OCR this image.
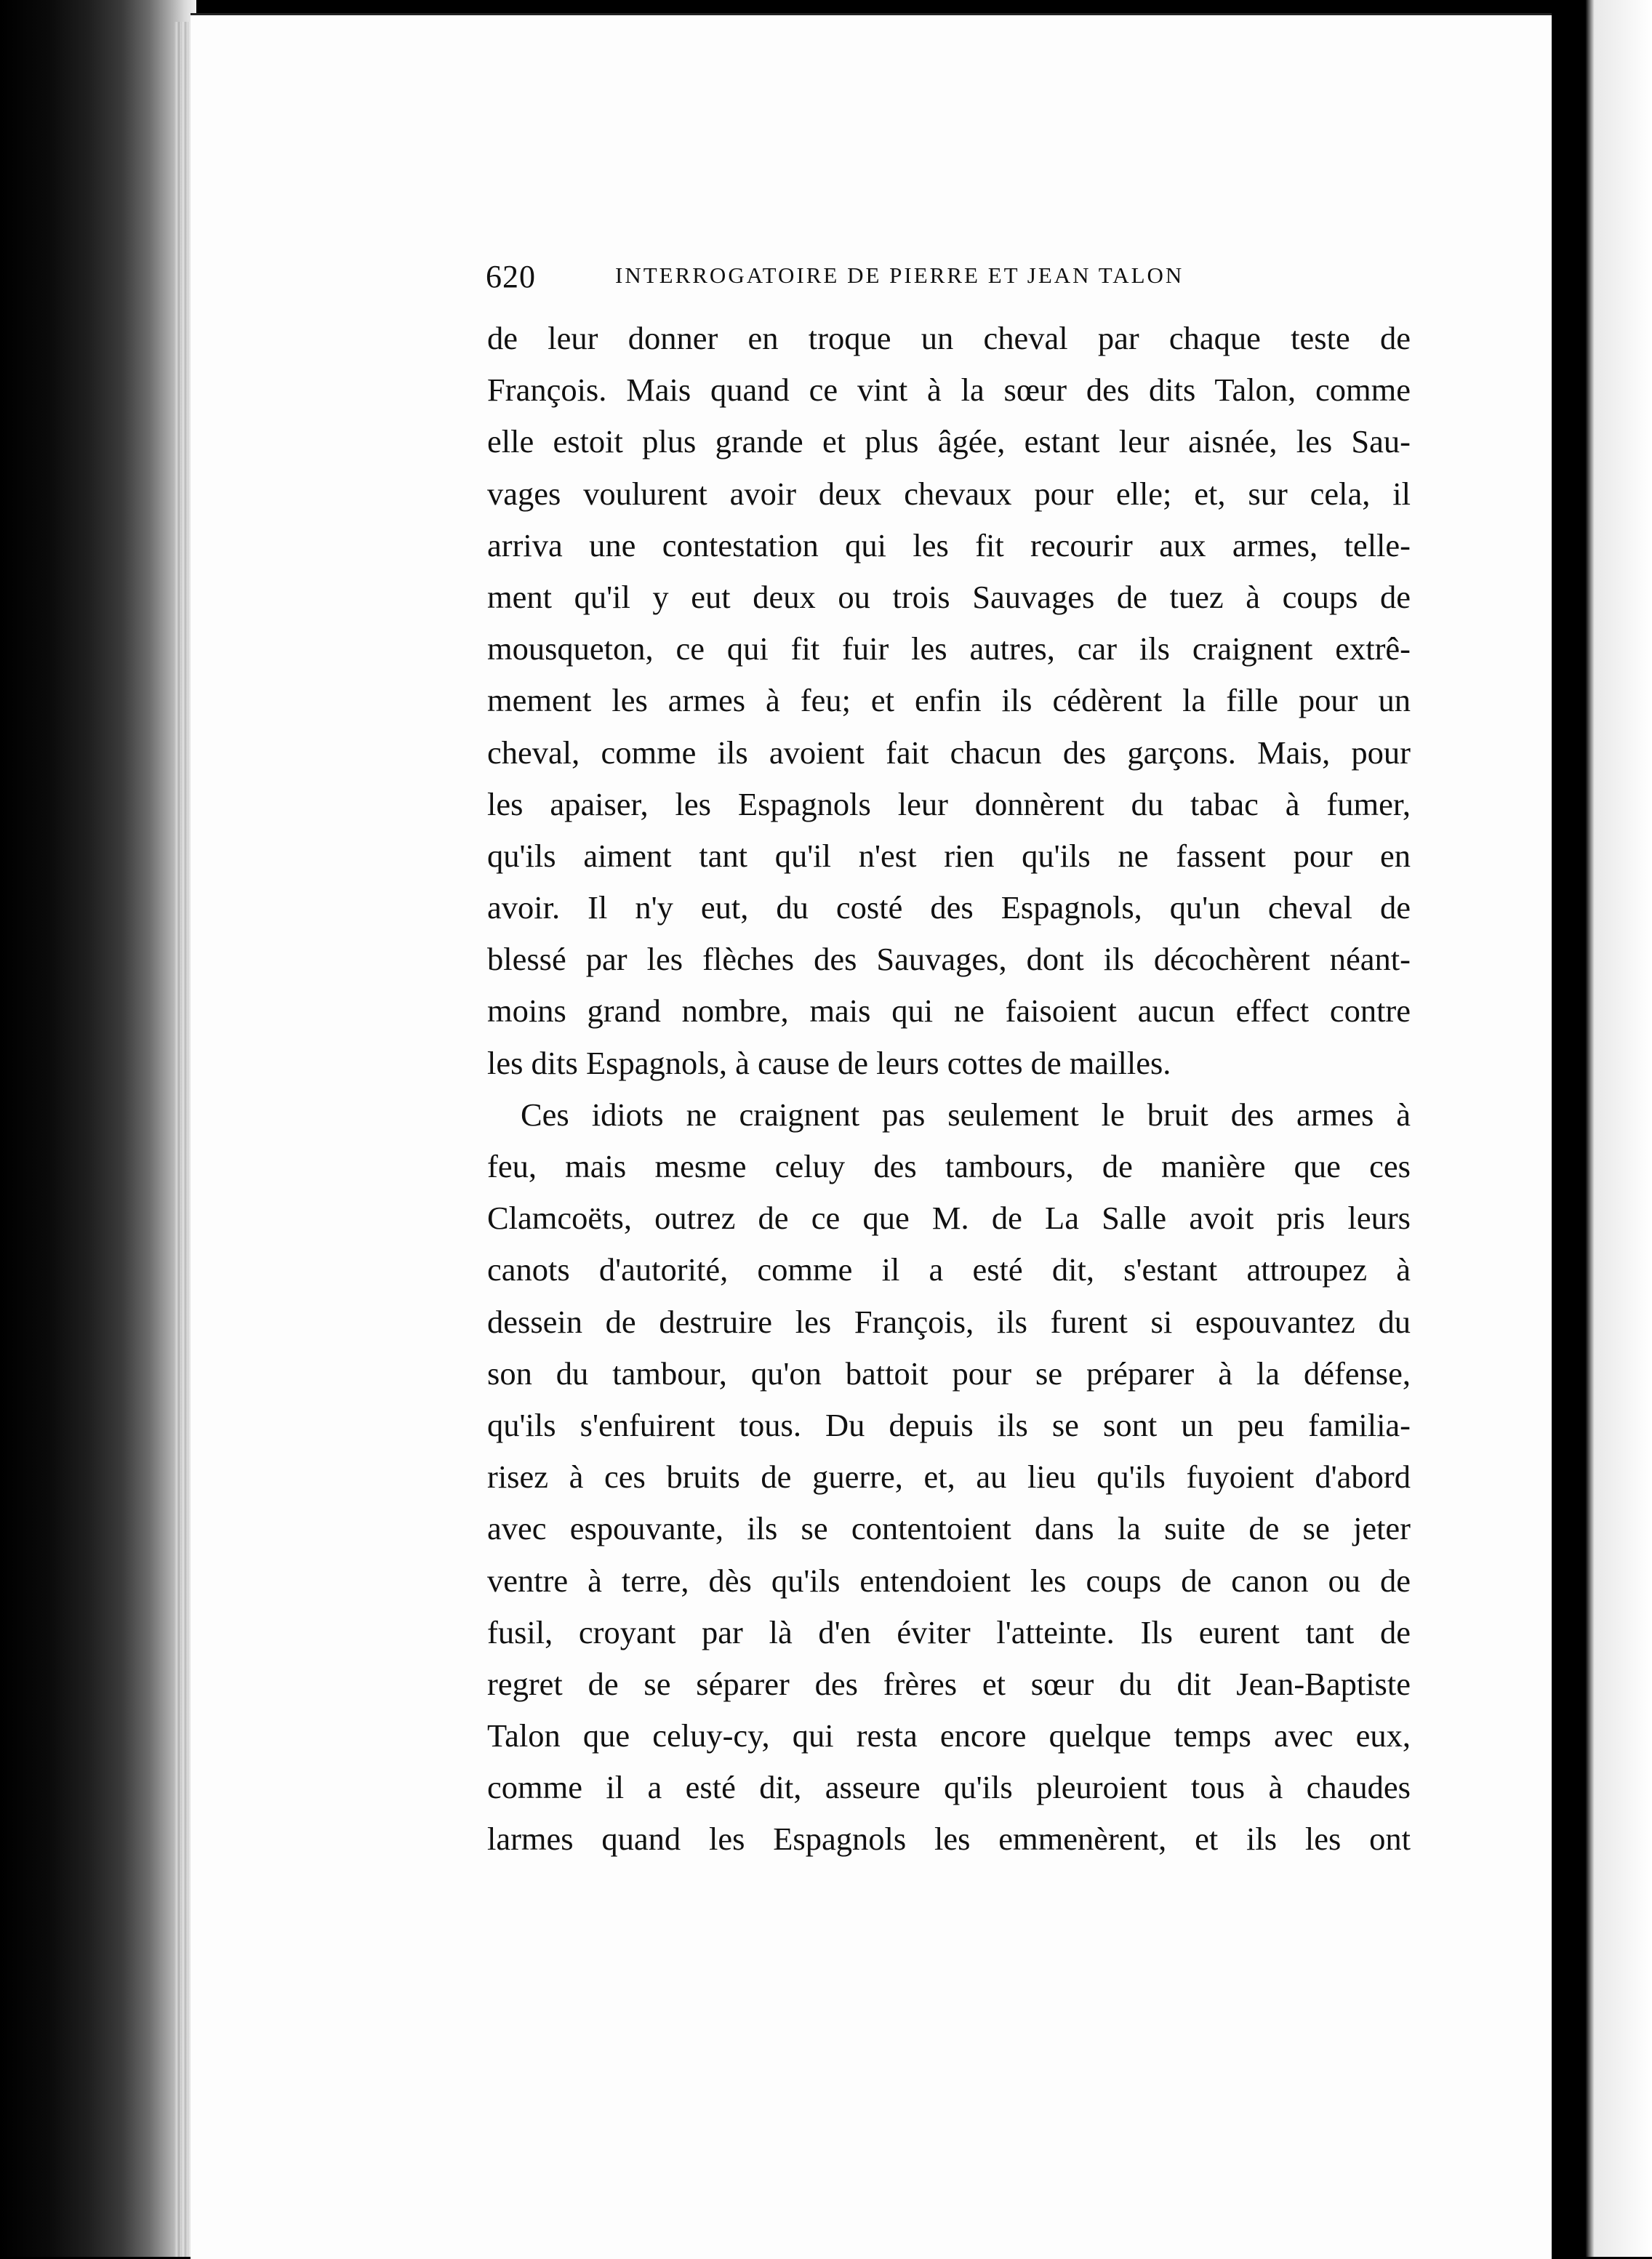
620	INTERROGATOIRE DE PIERRE ET JEAN TALON
de leur donner en troque un cheval par chaque teste de
François. Mais quand ce vint à la sœur des dits Talon, comme
elle estoit plus grande et plus âgée, estant leur aisnée, les Sau-
vages voulurent avoir deux chevaux pour elle; et, sur cela, il
arriva une contestation qui les fit recourir aux armes, telle-
ment qu'il y eut deux ou trois Sauvages de tuez à coups de
mousqueton, ce qui fit fuir les autres, car ils craignent extrê-
mement les armes à feu; et enfin ils cédèrent la fille pour un
cheval, comme ils avoient fait chacun des garçons. Mais, pour
les apaiser, les Espagnols leur donnèrent du tabac à fumer,
qu'ils aiment tant qu'il n'est rien qu'ils ne fassent pour en
avoir. Il n'y eut, du costé des Espagnols, qu'un cheval de
blessé par les flèches des Sauvages, dont ils décochèrent néant-
moins grand nombre, mais qui ne faisoient aucun effect contre
les dits Espagnols, à cause de leurs cottes de mailles.
Ces idiots ne craignent pas seulement le bruit des armes à
feu, mais mesme celuy des tambours, de manière que ces
Clamcoëts, outrez de ce que M. de La Salle avoit pris leurs
canots d'autorité, comme il a esté dit, s'estant attroupez à
dessein de destruire les François, ils furent si espouvantez du
son du tambour, qu'on battoit pour se préparer à la défense,
qu'ils s'enfuirent tous. Du depuis ils se sont un peu familia-
risez à ces bruits de guerre, et, au lieu qu'ils fuyoient d'abord
avec espouvante, ils se contentoient dans la suite de se jeter
ventre à terre, dès qu'ils entendoient les coups de canon ou de
fusil, croyant par là d'en éviter l'atteinte. Ils eurent tant de
regret de se séparer des frères et sœur du dit Jean-Baptiste
Talon que celuy-cy, qui resta encore quelque temps avec eux,
comme il a esté dit, asseure qu'ils pleuroient tous à chaudes
larmes quand les Espagnols les emmenèrent, et ils les ont
